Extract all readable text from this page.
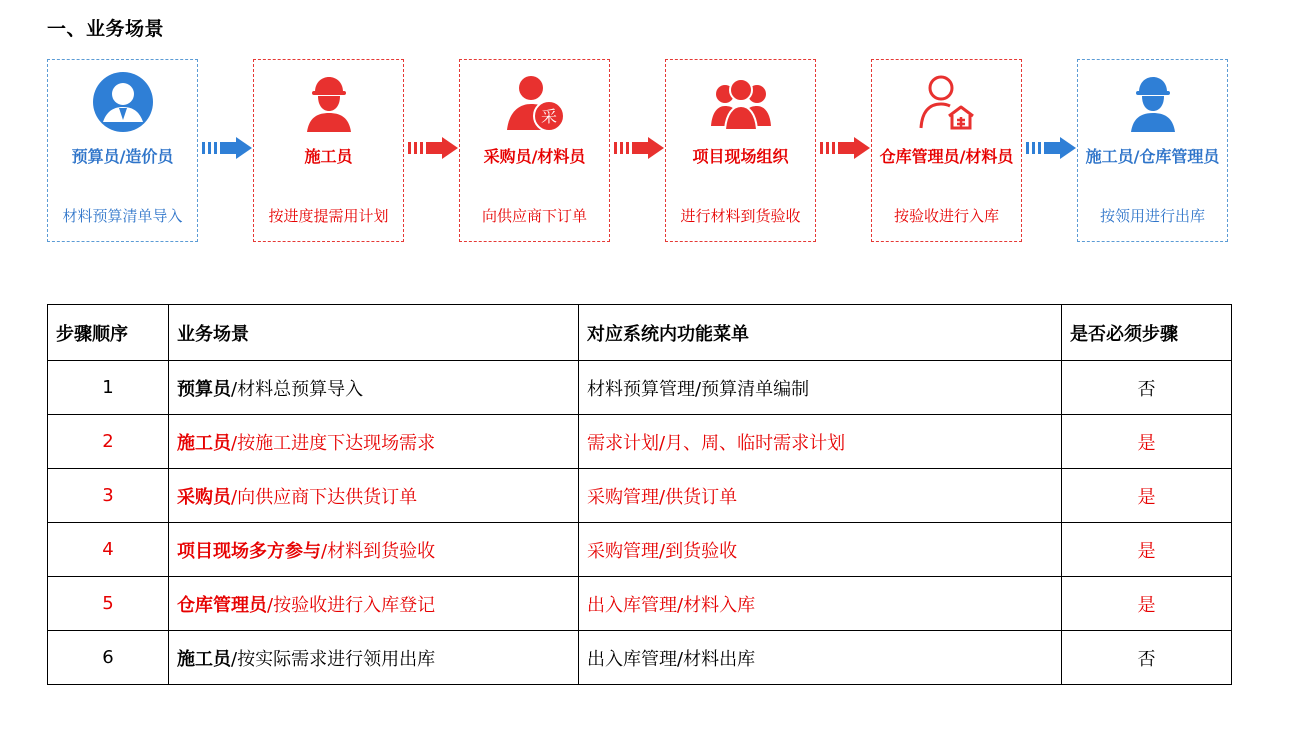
一、业务场景
预算员/造价员
材料预算清单导入
施工员
按进度提需用计划
采
采购员/材料员
向供应商下订单
项目现场组织
进行材料到货验收
仓库管理员/材料员
按验收进行入库
施工员/仓库管理员
按领用进行出库
步骤顺序	业务场景	对应系统内功能菜单	是否必须步骤
1	预算员/材料总预算导入	材料预算管理/预算清单编制	否
2	施工员/按施工进度下达现场需求	需求计划/月、周、临时需求计划	是
3	采购员/向供应商下达供货订单	采购管理/供货订单	是
4	项目现场多方参与/材料到货验收	采购管理/到货验收	是
5	仓库管理员/按验收进行入库登记	出入库管理/材料入库	是
6	施工员/按实际需求进行领用出库	出入库管理/材料出库	否
